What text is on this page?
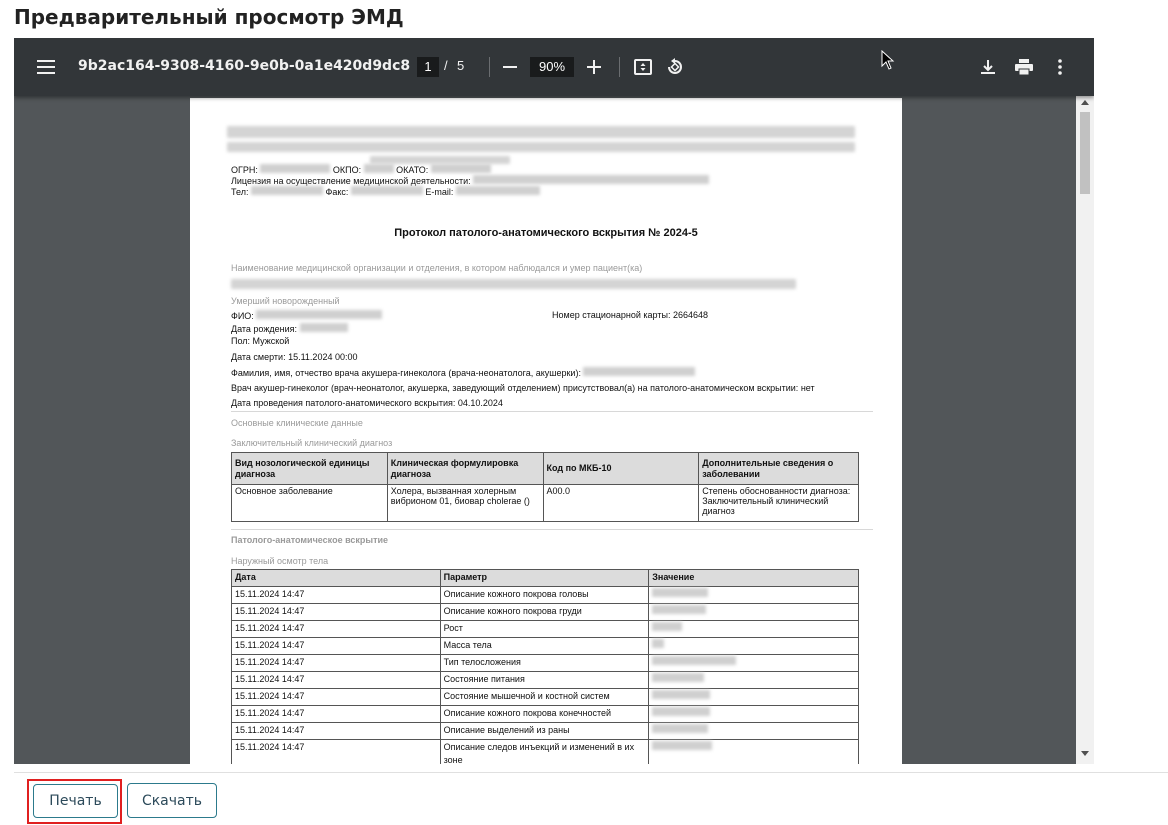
Предварительный просмотр ЭМД
9b2ac164-9308-4160-9e0b-0a1e420d9dc8	1 / 5	90%
ОГРН:	ОКПО:	ОКАТО:
Лицензия на осуществление медицинской деятельности:
Тел:	Факс:	E-mail:
Протокол патолого-анатомического вскрытия № 2024-5
Наименование медицинской организации и отделения, в котором наблюдался и умер пациент(ка)
Умерший новорожденный
ФИО:	Номер стационарной карты: 2664648
Дата рождения:
Пол: Мужской
Дата смерти: 15.11.2024 00:00
Фамилия, имя, отчество врача акушера-гинеколога (врача-неонатолога, акушерки):
Врач акушер-гинеколог (врач-неонатолог, акушерка, заведующий отделением) присутствовал(а) на патолого-анатомическом вскрытии: нет
Дата проведения патолого-анатомического вскрытия: 04.10.2024
Основные клинические данные
Заключительный клинический диагноз
Вид нозологической единицы диагноза	Клиническая формулировка диагноза	Код по МКБ-10	Дополнительные сведения о заболевании
Основное заболевание	Холера, вызванная холерным вибрионом 01, биовар cholerae ()	A00.0	Степень обоснованности диагноза: Заключительный клинический диагноз
Патолого-анатомическое вскрытие
Наружный осмотр тела
Дата	Параметр	Значение
15.11.2024 14:47	Описание кожного покрова головы	
15.11.2024 14:47	Описание кожного покрова груди	
15.11.2024 14:47	Рост	
15.11.2024 14:47	Масса тела	
15.11.2024 14:47	Тип телосложения	
15.11.2024 14:47	Состояние питания	
15.11.2024 14:47	Состояние мышечной и костной систем	
15.11.2024 14:47	Описание кожного покрова конечностей	
15.11.2024 14:47	Описание выделений из раны	
15.11.2024 14:47	Описание следов инъекций и изменений в их зоне	
Печать	Скачать
